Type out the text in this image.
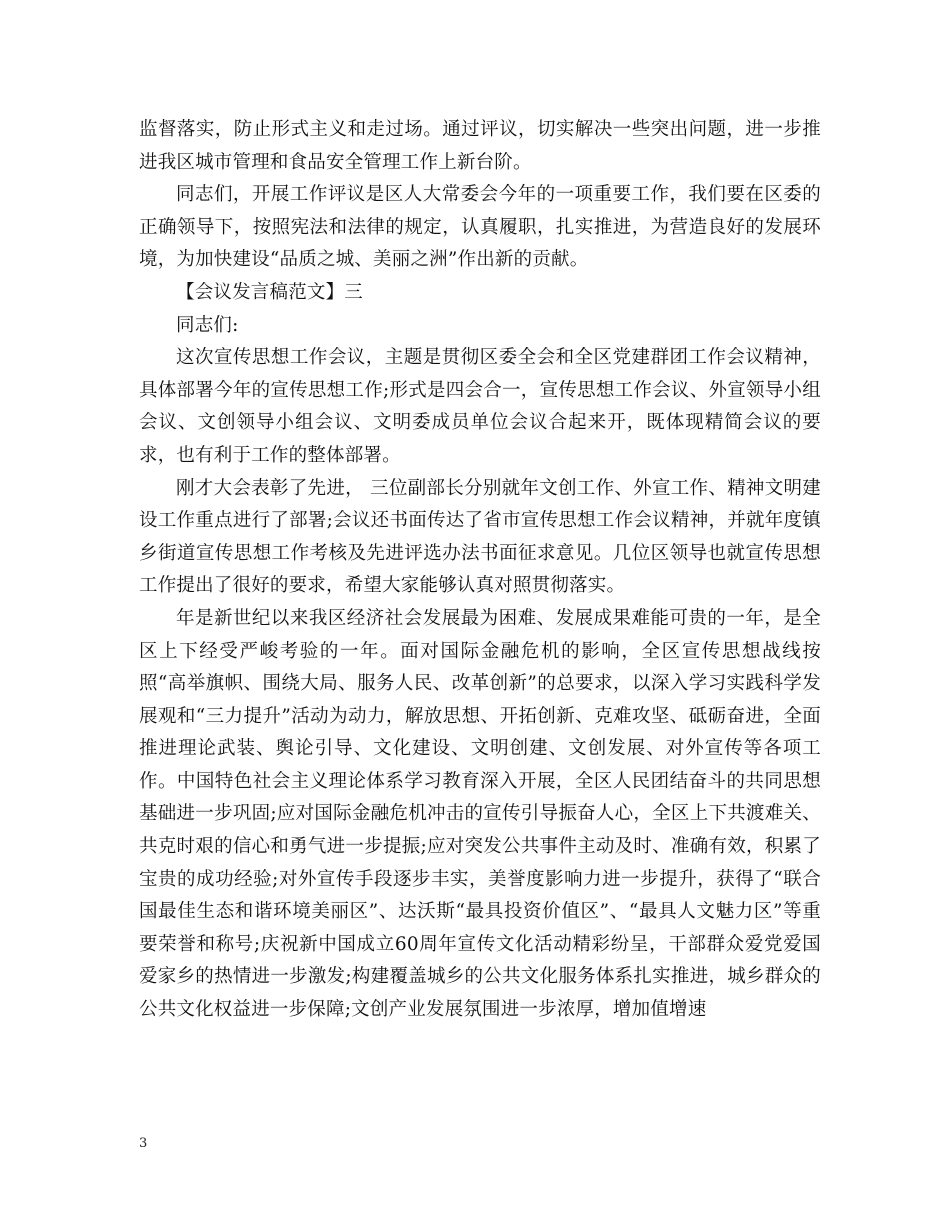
监督落实，防止形式主义和走过场。通过评议，切实解决一些突出问题，进一步推进我区城市管理和食品安全管理工作上新台阶。

同志们，开展工作评议是区人大常委会今年的一项重要工作，我们要在区委的正确领导下，按照宪法和法律的规定，认真履职，扎实推进，为营造良好的发展环境，为加快建设“品质之城、美丽之洲”作出新的贡献。

【会议发言稿范文】三

同志们:

这次宣传思想工作会议，主题是贯彻区委全会和全区党建群团工作会议精神，具体部署今年的宣传思想工作;形式是四会合一，宣传思想工作会议、外宣领导小组会议、文创领导小组会议、文明委成员单位会议合起来开，既体现精简会议的要求，也有利于工作的整体部署。

刚才大会表彰了先进， 三位副部长分别就年文创工作、外宣工作、精神文明建设工作重点进行了部署;会议还书面传达了省市宣传思想工作会议精神，并就年度镇乡街道宣传思想工作考核及先进评选办法书面征求意见。几位区领导也就宣传思想工作提出了很好的要求，希望大家能够认真对照贯彻落实。

年是新世纪以来我区经济社会发展最为困难、发展成果难能可贵的一年，是全区上下经受严峻考验的一年。面对国际金融危机的影响，全区宣传思想战线按照“高举旗帜、围绕大局、服务人民、改革创新”的总要求，以深入学习实践科学发展观和“三力提升”活动为动力，解放思想、开拓创新、克难攻坚、砥砺奋进，全面推进理论武装、舆论引导、文化建设、文明创建、文创发展、对外宣传等各项工作。中国特色社会主义理论体系学习教育深入开展，全区人民团结奋斗的共同思想基础进一步巩固;应对国际金融危机冲击的宣传引导振奋人心，全区上下共渡难关、共克时艰的信心和勇气进一步提振;应对突发公共事件主动及时、准确有效，积累了宝贵的成功经验;对外宣传手段逐步丰实，美誉度影响力进一步提升，获得了“联合国最佳生态和谐环境美丽区”、达沃斯“最具投资价值区”、“最具人文魅力区”等重要荣誉和称号;庆祝新中国成立60周年宣传文化活动精彩纷呈，干部群众爱党爱国爱家乡的热情进一步激发;构建覆盖城乡的公共文化服务体系扎实推进，城乡群众的公共文化权益进一步保障;文创产业发展氛围进一步浓厚，增加值增速

3
